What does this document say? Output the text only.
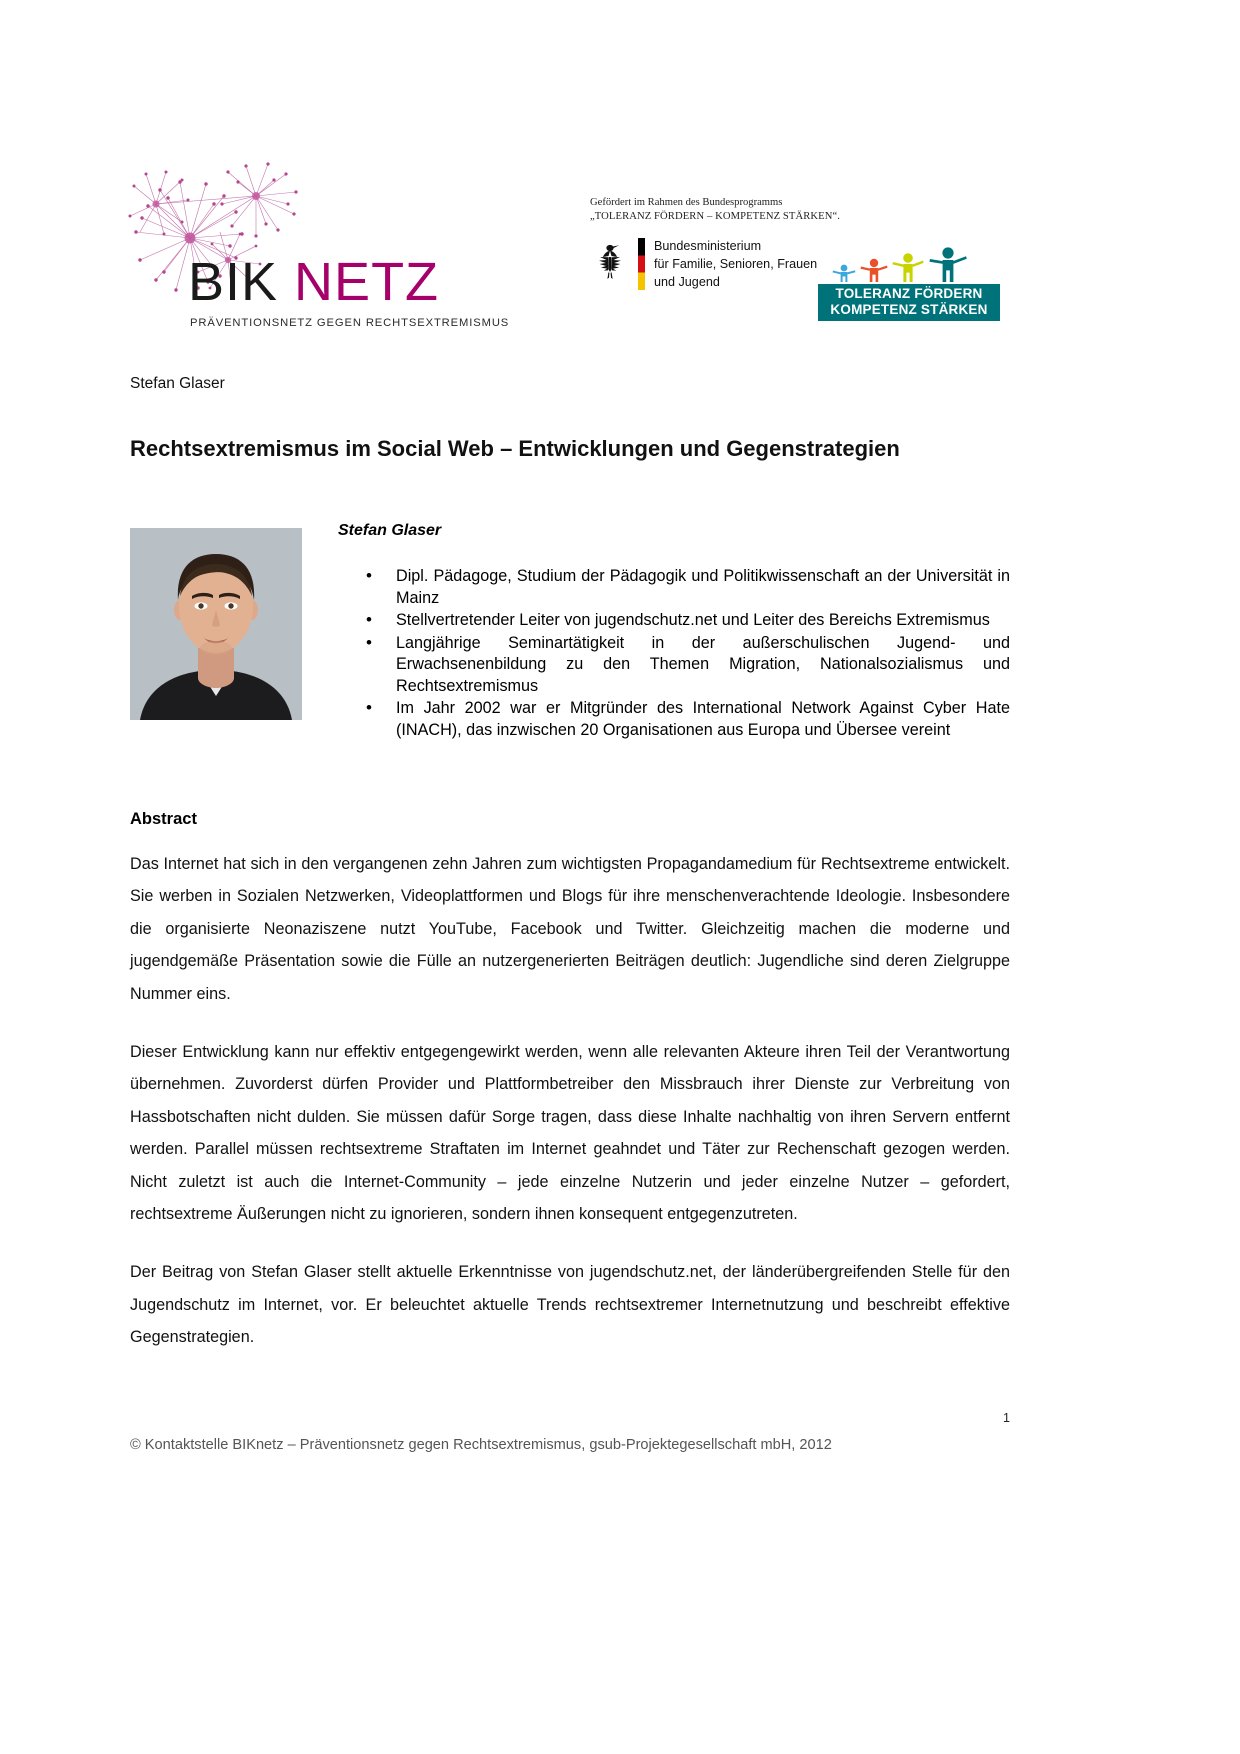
BIK NETZ
PRÄVENTIONSNETZ GEGEN RECHTSEXTREMISMUS
Gefördert im Rahmen des Bundesprogramms
„TOLERANZ FÖRDERN – KOMPETENZ STÄRKEN“.
Bundesministerium
für Familie, Senioren, Frauen
und Jugend
TOLERANZ FÖRDERN
KOMPETENZ STÄRKEN
Stefan Glaser
Rechtsextremismus im Social Web – Entwicklungen und Gegenstrategien
Stefan Glaser
• Dipl. Pädagoge, Studium der Pädagogik und Politikwissenschaft an der Universität in Mainz
• Stellvertretender Leiter von jugendschutz.net und Leiter des Bereichs Extremismus
• Langjährige Seminartätigkeit in der außerschulischen Jugend- und Erwachsenenbildung zu den Themen Migration, Nationalsozialismus und Rechtsextremismus
• Im Jahr 2002 war er Mitgründer des International Network Against Cyber Hate (INACH), das inzwischen 20 Organisationen aus Europa und Übersee vereint
Abstract

Das Internet hat sich in den vergangenen zehn Jahren zum wichtigsten Propagandamedium für Rechtsextreme entwickelt. Sie werben in Sozialen Netzwerken, Videoplattformen und Blogs für ihre menschenverachtende Ideologie. Insbesondere die organisierte Neonaziszene nutzt YouTube, Facebook und Twitter. Gleichzeitig machen die moderne und jugendgemäße Präsentation sowie die Fülle an nutzergenerierten Beiträgen deutlich: Jugendliche sind deren Zielgruppe Nummer eins.

Dieser Entwicklung kann nur effektiv entgegengewirkt werden, wenn alle relevanten Akteure ihren Teil der Verantwortung übernehmen. Zuvorderst dürfen Provider und Plattformbetreiber den Missbrauch ihrer Dienste zur Verbreitung von Hassbotschaften nicht dulden. Sie müssen dafür Sorge tragen, dass diese Inhalte nachhaltig von ihren Servern entfernt werden. Parallel müssen rechtsextreme Straftaten im Internet geahndet und Täter zur Rechenschaft gezogen werden. Nicht zuletzt ist auch die Internet-Community – jede einzelne Nutzerin und jeder einzelne Nutzer – gefordert, rechtsextreme Äußerungen nicht zu ignorieren, sondern ihnen konsequent entgegenzutreten.

Der Beitrag von Stefan Glaser stellt aktuelle Erkenntnisse von jugendschutz.net, der länderübergreifenden Stelle für den Jugendschutz im Internet, vor. Er beleuchtet aktuelle Trends rechtsextremer Internetnutzung und beschreibt effektive Gegenstrategien.

1
© Kontaktstelle BIKnetz – Präventionsnetz gegen Rechtsextremismus, gsub-Projektegesellschaft mbH, 2012
